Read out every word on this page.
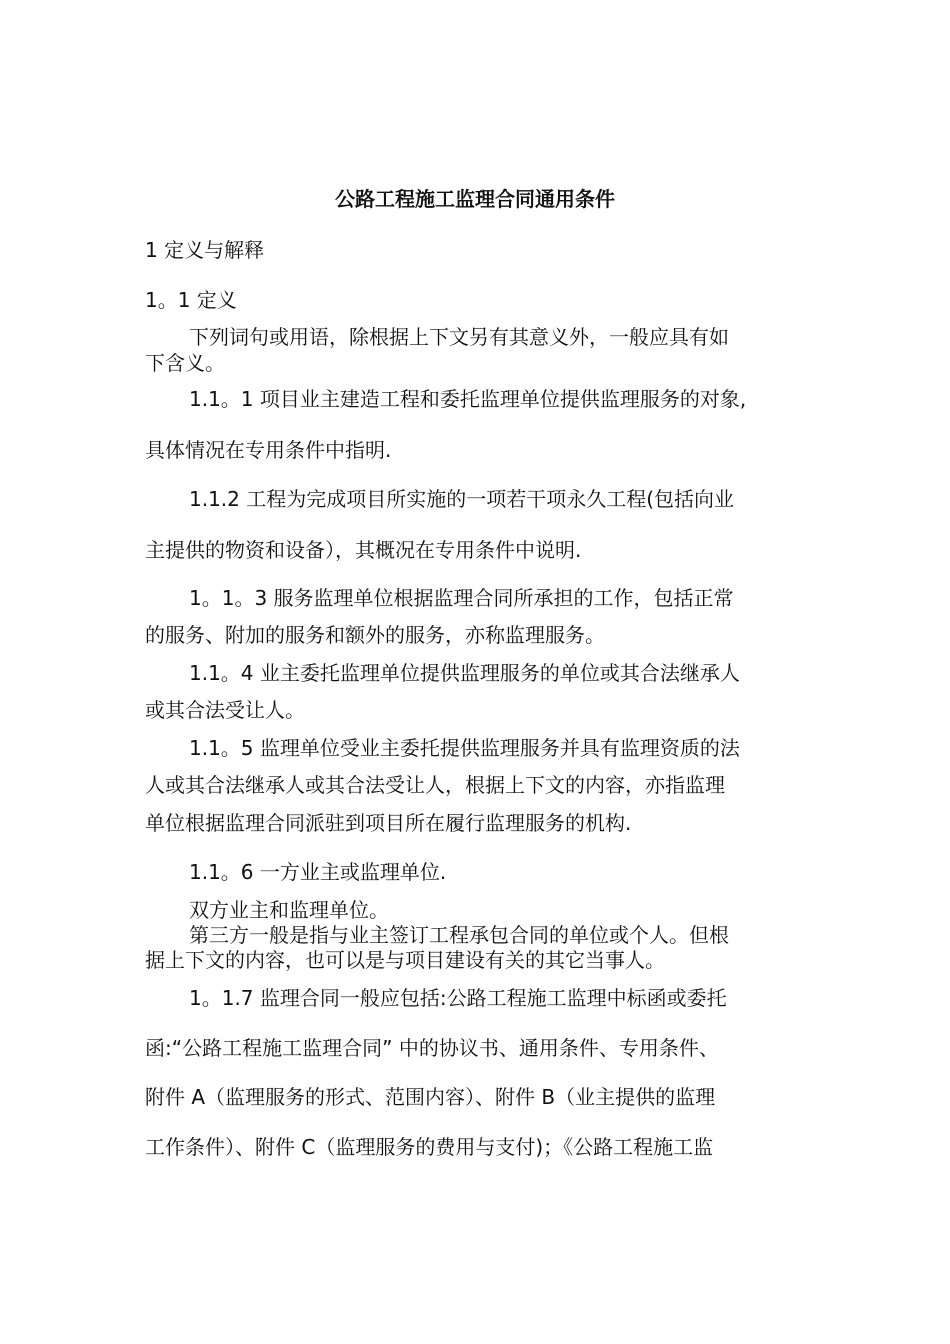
公路工程施工监理合同通用条件
1 定义与解释
1。1 定义
下列词句或用语，除根据上下文另有其意义外，一般应具有如
下含义。
1.1。1 项目业主建造工程和委托监理单位提供监理服务的对象,
具体情况在专用条件中指明.
1.1.2 工程为完成项目所实施的一项若干项永久工程(包括向业
主提供的物资和设备），其概况在专用条件中说明.
1。1。3 服务监理单位根据监理合同所承担的工作，包括正常
的服务、附加的服务和额外的服务，亦称监理服务。
1.1。4 业主委托监理单位提供监理服务的单位或其合法继承人
或其合法受让人。
1.1。5 监理单位受业主委托提供监理服务并具有监理资质的法
人或其合法继承人或其合法受让人，根据上下文的内容，亦指监理
单位根据监理合同派驻到项目所在履行监理服务的机构.
1.1。6 一方业主或监理单位.
双方业主和监理单位。
第三方一般是指与业主签订工程承包合同的单位或个人。但根
据上下文的内容，也可以是与项目建设有关的其它当事人。
1。1.7 监理合同一般应包括:公路工程施工监理中标函或委托
函:“公路工程施工监理合同” 中的协议书、通用条件、专用条件、
附件 A（监理服务的形式、范围内容）、附件 B（业主提供的监理
工作条件）、附件 C（监理服务的费用与支付)；《公路工程施工监
